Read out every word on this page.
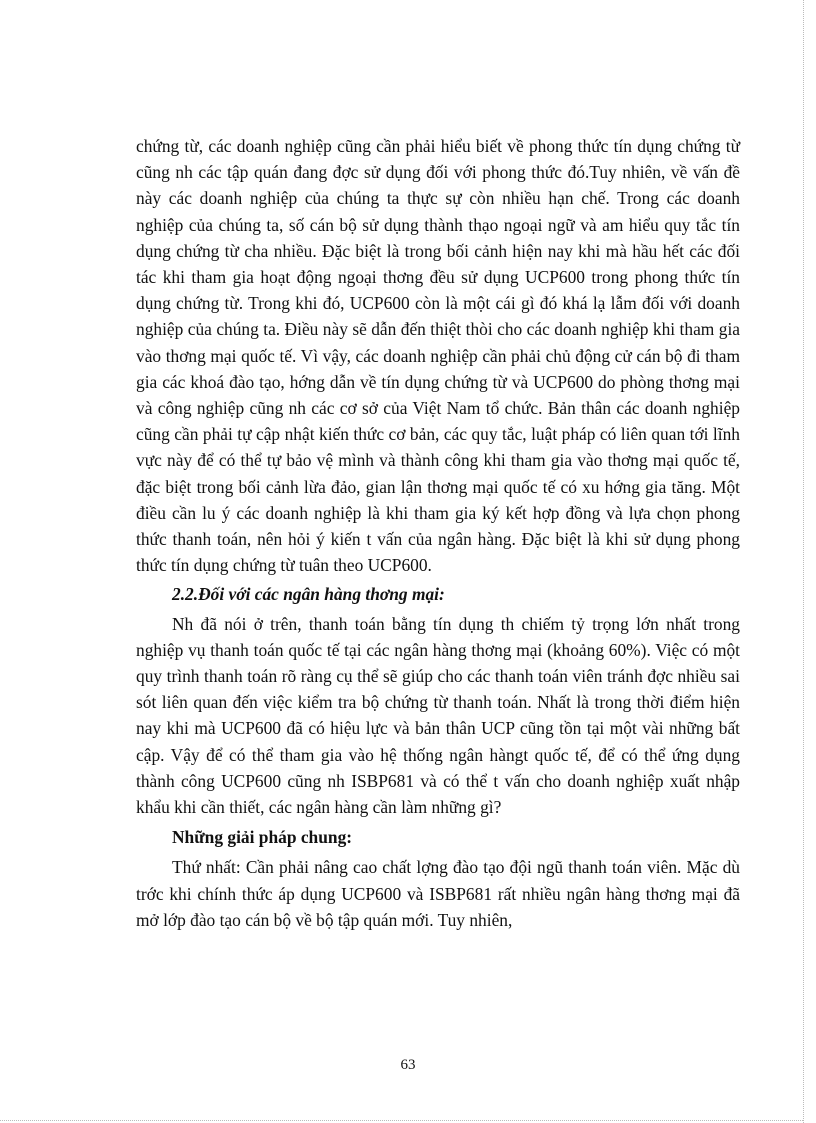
chứng từ, các doanh nghiệp cũng cần phải hiểu biết về phong thức tín dụng chứng từ cũng nh các tập quán đang đợc sử dụng đối với phong thức đó.Tuy nhiên, về vấn đề này các doanh nghiệp của chúng ta thực sự còn nhiều hạn chế. Trong các doanh nghiệp của chúng ta, số cán bộ sử dụng thành thạo ngoại ngữ và am hiểu quy tắc tín dụng chứng từ cha nhiều. Đặc biệt là trong bối cảnh hiện nay khi mà hầu hết các đối tác khi tham gia hoạt động ngoại thơng đều sử dụng UCP600 trong phong thức tín dụng chứng từ. Trong khi đó, UCP600 còn là một cái gì đó khá lạ lẫm đối với doanh nghiệp của chúng ta. Điều này sẽ dẫn đến thiệt thòi cho các doanh nghiệp khi tham gia vào thơng mại quốc tế. Vì vậy, các doanh nghiệp cần phải chủ động cử cán bộ đi tham gia các khoá đào tạo, hớng dẫn về tín dụng chứng từ và UCP600 do phòng thơng mại và công nghiệp cũng nh các cơ sở của Việt Nam tổ chức. Bản thân các doanh nghiệp cũng cần phải tự cập nhật kiến thức cơ bản, các quy tắc, luật pháp có liên quan tới lĩnh vực này để có thể tự bảo vệ mình và thành công khi tham gia vào thơng mại quốc tế, đặc biệt trong bối cảnh lừa đảo, gian lận thơng mại quốc tế có xu hớng gia tăng. Một điều cần lu ý các doanh nghiệp là khi tham gia ký kết hợp đồng và lựa chọn phong thức thanh toán, nên hỏi ý kiến t vấn của ngân hàng. Đặc biệt là khi sử dụng phong thức tín dụng chứng từ tuân theo UCP600.

2.2.Đối với các ngân hàng thơng mại:

Nh đã nói ở trên, thanh toán bằng tín dụng th chiếm tỷ trọng lớn nhất trong nghiệp vụ thanh toán quốc tế tại các ngân hàng thơng mại (khoảng 60%). Việc có một quy trình thanh toán rõ ràng cụ thể sẽ giúp cho các thanh toán viên tránh đợc nhiều sai sót liên quan đến việc kiểm tra bộ chứng từ thanh toán. Nhất là trong thời điểm hiện nay khi mà UCP600 đã có hiệu lực và bản thân UCP cũng tồn tại một vài những bất cập. Vậy để có thể tham gia vào hệ thống ngân hàngt quốc tế, để có thể ứng dụng thành công UCP600 cũng nh ISBP681 và có thể t vấn cho doanh nghiệp xuất nhập khẩu khi cần thiết, các ngân hàng cần làm những gì?

Những giải pháp chung:

Thứ nhất: Cần phải nâng cao chất lợng đào tạo đội ngũ thanh toán viên. Mặc dù trớc khi chính thức áp dụng UCP600 và ISBP681 rất nhiều ngân hàng thơng mại đã mở lớp đào tạo cán bộ về bộ tập quán mới. Tuy nhiên,

63
